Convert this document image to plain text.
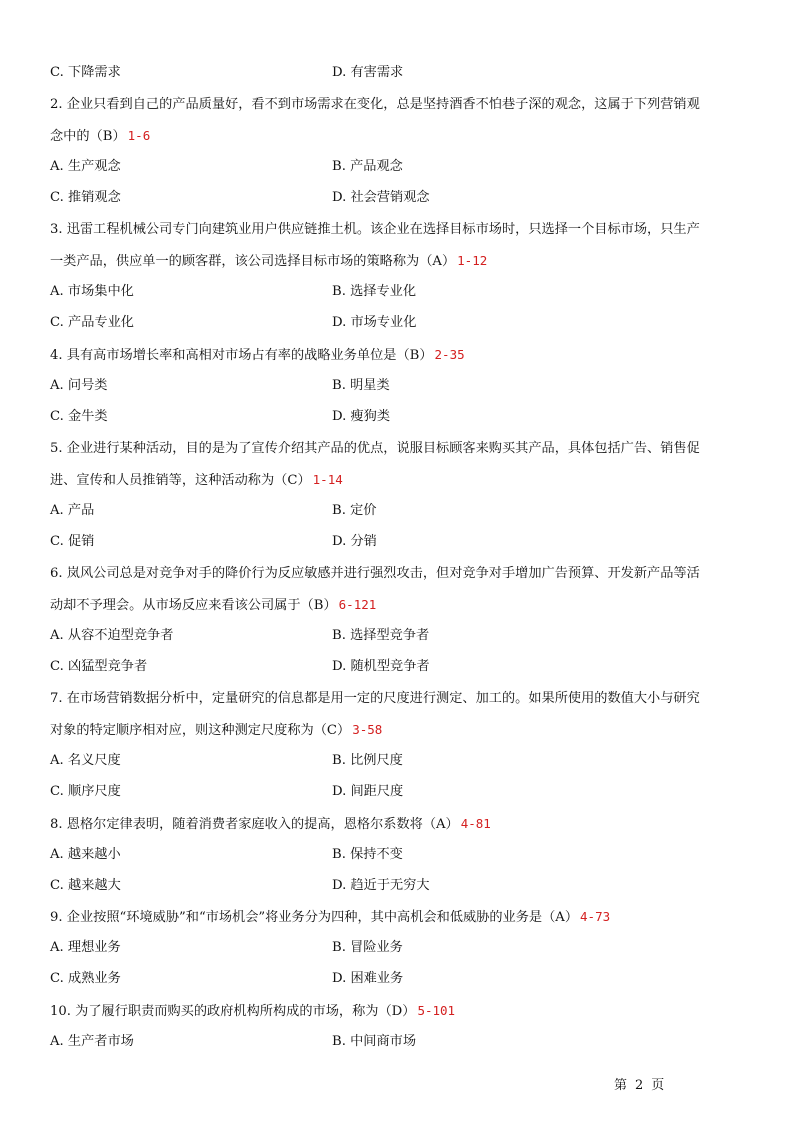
C. 下降需求	D. 有害需求
2. 企业只看到自己的产品质量好，看不到市场需求在变化，总是坚持酒香不怕巷子深的观念，这属于下列营销观
念中的（B） 1-6
A. 生产观念	B. 产品观念
C. 推销观念	D. 社会营销观念
3. 迅雷工程机械公司专门向建筑业用户供应链推土机。该企业在选择目标市场时，只选择一个目标市场，只生产
一类产品，供应单一的顾客群，该公司选择目标市场的策略称为（A） 1-12
A. 市场集中化	B. 选择专业化
C. 产品专业化	D. 市场专业化
4. 具有高市场增长率和高相对市场占有率的战略业务单位是（B） 2-35
A. 问号类	B. 明星类
C. 金牛类	D. 瘦狗类
5. 企业进行某种活动，目的是为了宣传介绍其产品的优点，说服目标顾客来购买其产品，具体包括广告、销售促
进、宣传和人员推销等，这种活动称为（C） 1-14
A. 产品	B. 定价
C. 促销	D. 分销
6. 岚风公司总是对竞争对手的降价行为反应敏感并进行强烈攻击，但对竞争对手增加广告预算、开发新产品等活
动却不予理会。从市场反应来看该公司属于（B） 6-121
A. 从容不迫型竞争者	B. 选择型竞争者
C. 凶猛型竞争者	D. 随机型竞争者
7. 在市场营销数据分析中，定量研究的信息都是用一定的尺度进行测定、加工的。如果所使用的数值大小与研究
对象的特定顺序相对应，则这种测定尺度称为（C） 3-58
A. 名义尺度	B. 比例尺度
C. 顺序尺度	D. 间距尺度
8. 恩格尔定律表明，随着消费者家庭收入的提高，恩格尔系数将（A） 4-81
A. 越来越小	B. 保持不变
C. 越来越大	D. 趋近于无穷大
9. 企业按照“环境威胁”和“市场机会”将业务分为四种，其中高机会和低威胁的业务是（A） 4-73
A. 理想业务	B. 冒险业务
C. 成熟业务	D. 困难业务
10. 为了履行职责而购买的政府机构所构成的市场，称为（D） 5-101
A. 生产者市场	B. 中间商市场
第 2 页
